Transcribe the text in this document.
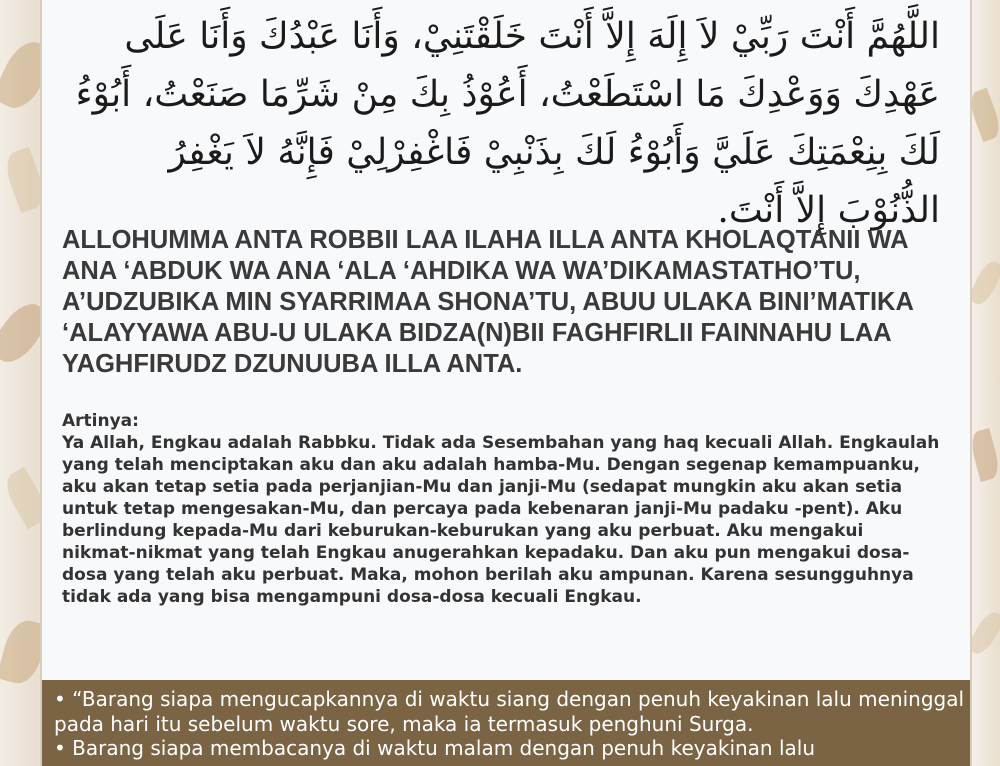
اللَّهُمَّ أَنْتَ رَبِّيْ لاَ إِلَهَ إِلاَّ أَنْتَ خَلَقْتَنِيْ، وَأَنَا عَبْدُكَ وَأَنَا عَلَى عَهْدِكَ وَوَعْدِكَ مَا اسْتَطَعْتُ، أَعُوْذُ بِكَ مِنْ شَرِّمَا صَنَعْتُ، أَبُوْءُ لَكَ بِنِعْمَتِكَ عَلَيَّ وَأَبُوْءُ لَكَ بِذَنْبِيْ فَاغْفِرْلِيْ فَإِنَّهُ لاَ يَغْفِرُ الذُّنُوْبَ إِلاَّ أَنْتَ.
ALLOHUMMA ANTA ROBBII LAA ILAHA ILLA ANTA KHOLAQTANII WA ANA ‘ABDUK WA ANA ‘ALA ‘AHDIKA WA WA’DIKAMASTATHO’TU, A’UDZUBIKA MIN SYARRIMAA SHONA’TU, ABUU ULAKA BINI’MATIKA ‘ALAYYAWA ABU-U ULAKA BIDZA(N)BII FAGHFIRLII FAINNAHU LAA YAGHFIRUDZ DZUNUUBA ILLA ANTA.
Artinya:
Ya Allah, Engkau adalah Rabbku. Tidak ada Sesembahan yang haq kecuali Allah. Engkaulah yang telah menciptakan aku dan aku adalah hamba-Mu. Dengan segenap kemampuanku, aku akan tetap setia pada perjanjian-Mu dan janji-Mu (sedapat mungkin aku akan setia untuk tetap mengesakan-Mu, dan percaya pada kebenaran janji-Mu padaku -pent). Aku berlindung kepada-Mu dari keburukan-keburukan yang aku perbuat. Aku mengakui nikmat-nikmat yang telah Engkau anugerahkan kepadaku. Dan aku pun mengakui dosa-dosa yang telah aku perbuat. Maka, mohon berilah aku ampunan. Karena sesungguhnya tidak ada yang bisa mengampuni dosa-dosa kecuali Engkau.

• “Barang siapa mengucapkannya di waktu siang dengan penuh keyakinan lalu meninggal pada hari itu sebelum waktu sore, maka ia termasuk penghuni Surga.

• Barang siapa membacanya di waktu malam dengan penuh keyakinan lalu
